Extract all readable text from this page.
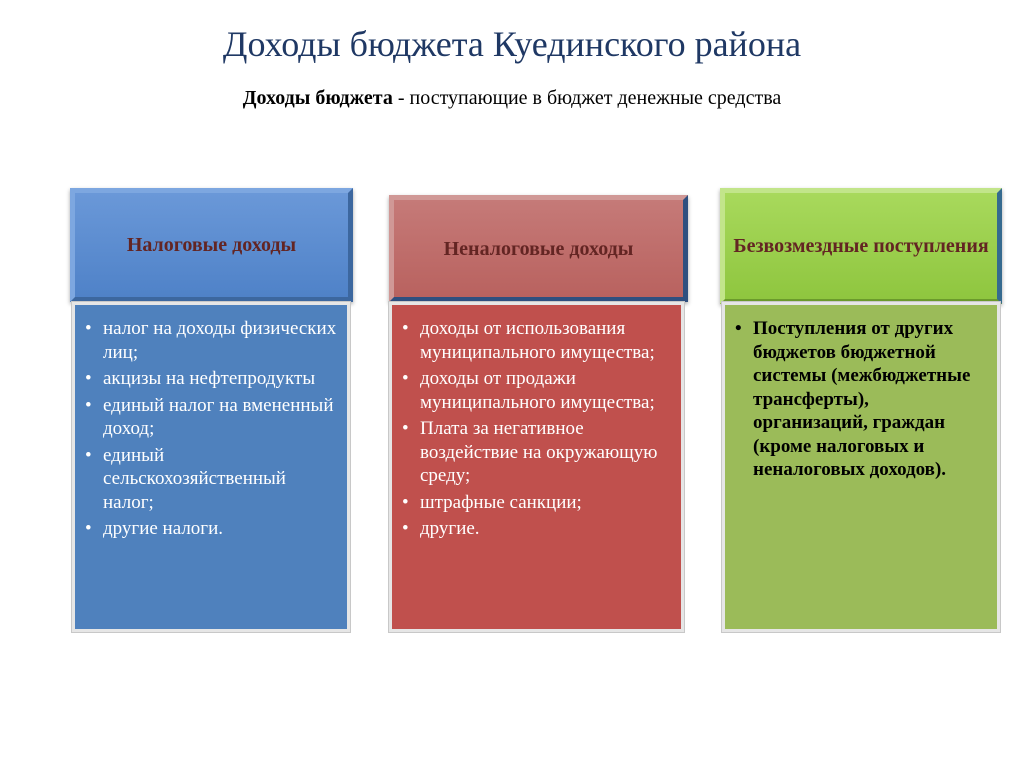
Доходы бюджета Куединского района
Доходы бюджета - поступающие в бюджет денежные средства
Налоговые доходы
• налог на доходы физических лиц;
• акцизы на нефтепродукты
• единый налог на вмененный доход;
• единый сельскохозяйственный налог;
• другие налоги.
Неналоговые доходы
• доходы от использования муниципального имущества;
• доходы от продажи муниципального имущества;
• Плата за негативное воздействие на окружающую среду;
• штрафные санкции;
• другие.
Безвозмездные поступления
• Поступления от других бюджетов бюджетной системы (межбюджетные трансферты), организаций, граждан (кроме налоговых и неналоговых доходов).
